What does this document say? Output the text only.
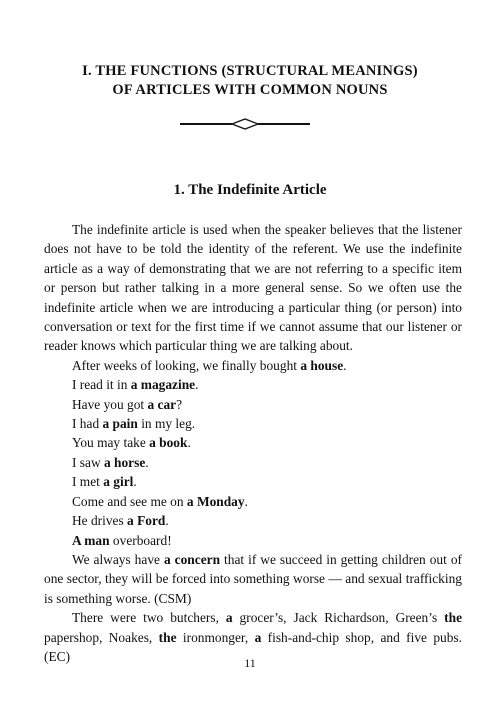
I. THE FUNCTIONS (STRUCTURAL MEANINGS)
OF ARTICLES WITH COMMON NOUNS
1. The Indefinite Article

The indefinite article is used when the speaker believes that the listener does not have to be told the identity of the referent. We use the indefinite article as a way of demonstrating that we are not referring to a specific item or person but rather talking in a more general sense. So we often use the indefinite article when we are introducing a particular thing (or person) into conversation or text for the first time if we cannot assume that our listener or reader knows which particular thing we are talking about.

After weeks of looking, we finally bought a house.

I read it in a magazine.

Have you got a car?

I had a pain in my leg.

You may take a book.

I saw a horse.

I met a girl.

Come and see me on a Monday.

He drives a Ford.

A man overboard!

We always have a concern that if we succeed in getting children out of one sector, they will be forced into something worse — and sexual trafficking is something worse. (CSM)

There were two butchers, a grocer’s, Jack Richardson, Green’s the papershop, Noakes, the ironmonger, a fish-and-chip shop, and five pubs. (EC)	11
